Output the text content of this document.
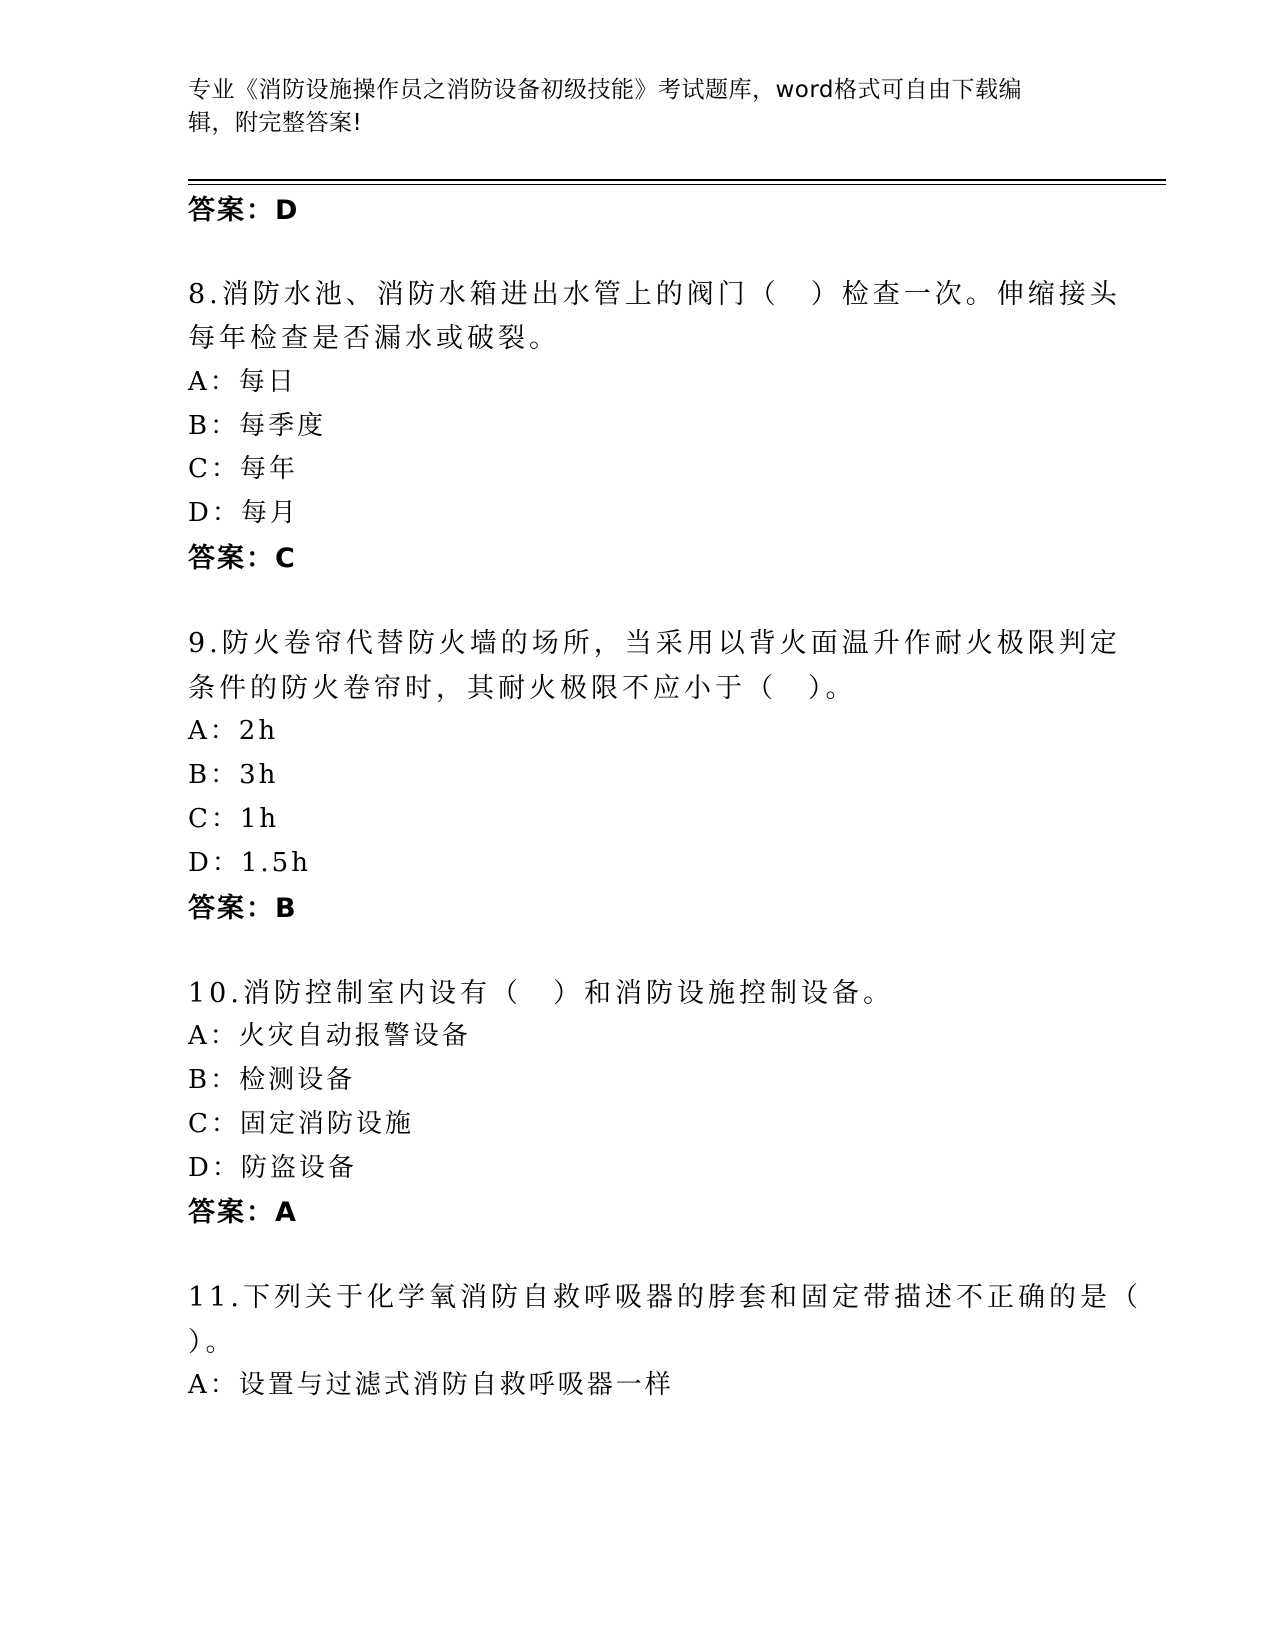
专业《消防设施操作员之消防设备初级技能》考试题库，word格式可自由下载编辑，附完整答案!
答案：D
8.消防水池、消防水箱进出水管上的阀门（　）检查一次。伸缩接头
每年检查是否漏水或破裂。
A：每日
B：每季度
C：每年
D：每月
答案：C
9.防火卷帘代替防火墙的场所，当采用以背火面温升作耐火极限判定
条件的防火卷帘时，其耐火极限不应小于（　）。
A：2h
B：3h
C：1h
D：1.5h
答案：B
10.消防控制室内设有（　）和消防设施控制设备。
A：火灾自动报警设备
B：检测设备
C：固定消防设施
D：防盗设备
答案：A
11.下列关于化学氧消防自救呼吸器的脖套和固定带描述不正确的是（
）。
A：设置与过滤式消防自救呼吸器一样
